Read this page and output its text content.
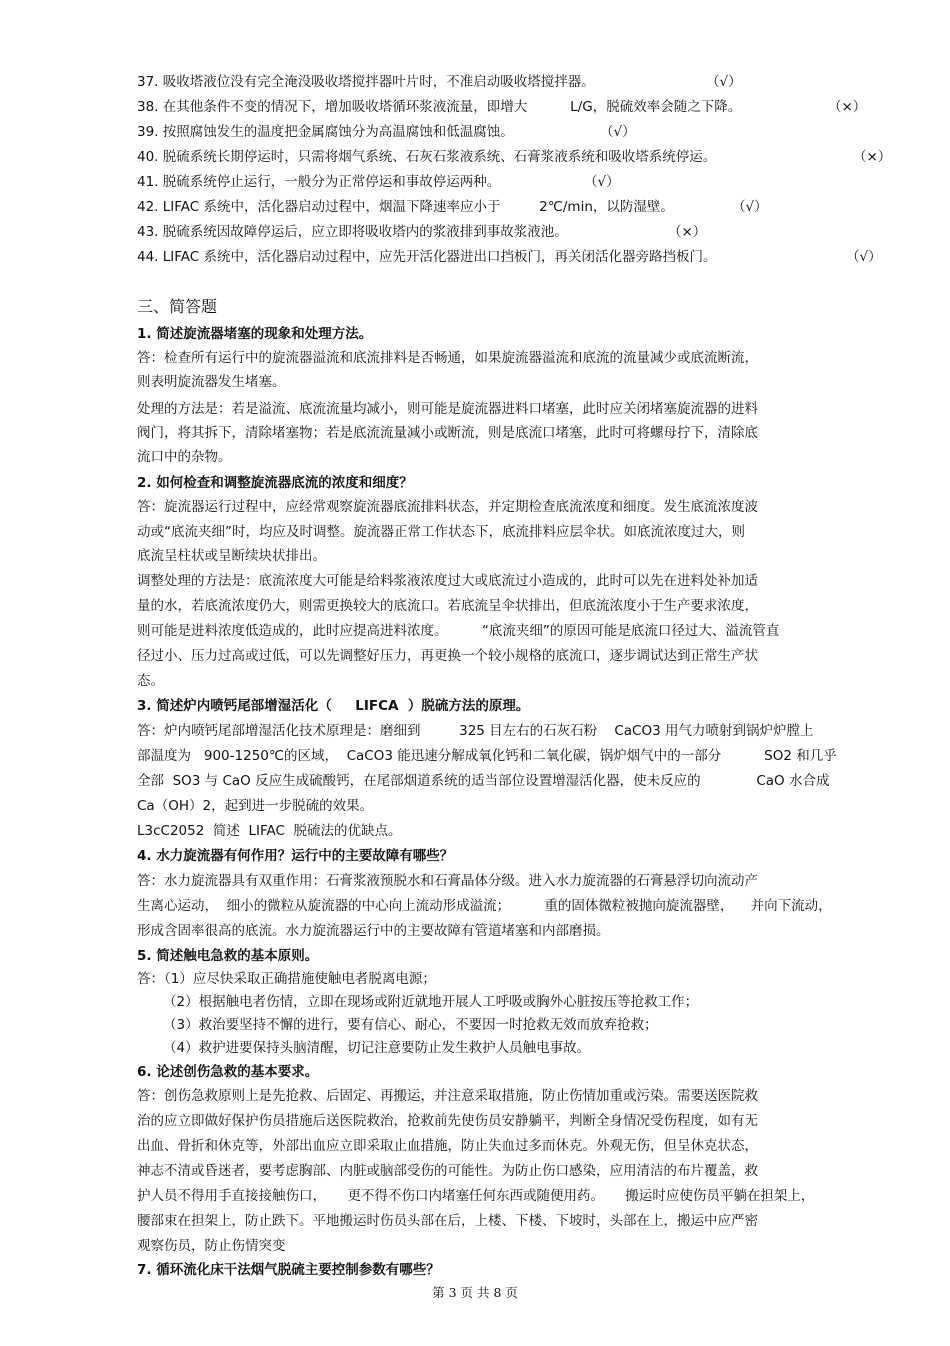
37. 吸收塔液位没有完全淹没吸收塔搅拌器叶片时，不准启动吸收塔搅拌器。	（√）
38. 在其他条件不变的情况下，增加吸收塔循环浆液流量，即增大          L/G，脱硫效率会随之下降。	（×）
39. 按照腐蚀发生的温度把金属腐蚀分为高温腐蚀和低温腐蚀。	（√）
40. 脱硫系统长期停运时，只需将烟气系统、石灰石浆液系统、石膏浆液系统和吸收塔系统停运。	（×）
41. 脱硫系统停止运行，一般分为正常停运和事故停运两种。	（√）
42. LIFAC 系统中，活化器启动过程中，烟温下降速率应小于         2℃/min，以防湿壁。	（√）
43. 脱硫系统因故障停运后，应立即将吸收塔内的浆液排到事故浆液池。	（×）
44. LIFAC 系统中，活化器启动过程中，应先开活化器进出口挡板门，再关闭活化器旁路挡板门。	（√）
三、简答题
1. 简述旋流器堵塞的现象和处理方法。
答：检查所有运行中的旋流器溢流和底流排料是否畅通，如果旋流器溢流和底流的流量减少或底流断流，
则表明旋流器发生堵塞。
处理的方法是：若是溢流、底流流量均减小，则可能是旋流器进料口堵塞，此时应关闭堵塞旋流器的进料
阀门，将其拆下，清除堵塞物；若是底流流量减小或断流，则是底流口堵塞，此时可将螺母拧下，清除底
流口中的杂物。
2. 如何检查和调整旋流器底流的浓度和细度？
答：旋流器运行过程中，应经常观察旋流器底流排料状态，并定期检查底流浓度和细度。发生底流浓度波
动或“底流夹细”时，均应及时调整。旋流器正常工作状态下，底流排料应层伞状。如底流浓度过大，则
底流呈柱状或呈断续块状排出。
调整处理的方法是：底流浓度大可能是给料浆液浓度过大或底流过小造成的，此时可以先在进料处补加适
量的水，若底流浓度仍大，则需更换较大的底流口。若底流呈伞状排出，但底流浓度小于生产要求浓度，
则可能是进料浓度低造成的，此时应提高进料浓度。        “底流夹细”的原因可能是底流口径过大、溢流管直
径过小、压力过高或过低，可以先调整好压力，再更换一个较小规格的底流口，逐步调试达到正常生产状
态。
3. 简述炉内喷钙尾部增湿活化（     LIFCA  ）脱硫方法的原理。
答：炉内喷钙尾部增湿活化技术原理是：磨细到         325 目左右的石灰石粉    CaCO3 用气力喷射到锅炉炉膛上
部温度为   900-1250℃的区域，  CaCO3 能迅速分解成氧化钙和二氧化碳，锅炉烟气中的一部分          SO2 和几乎
全部  SO3 与 CaO 反应生成硫酸钙，在尾部烟道系统的适当部位设置增湿活化器，使未反应的             CaO 水合成
Ca（OH）2，起到进一步脱硫的效果。
L3cC2052  简述  LIFAC  脱硫法的优缺点。
4. 水力旋流器有何作用？运行中的主要故障有哪些？
答：水力旋流器具有双重作用：石膏浆液预脱水和石膏晶体分级。进入水力旋流器的石膏悬浮切向流动产
生离心运动，  细小的微粒从旋流器的中心向上流动形成溢流；        重的固体微粒被抛向旋流器壁，    并向下流动，
形成含固率很高的底流。水力旋流器运行中的主要故障有管道堵塞和内部磨损。
5. 简述触电急救的基本原则。
答：（1）应尽快采取正确措施使触电者脱离电源；
（2）根据触电者伤情，立即在现场或附近就地开展人工呼吸或胸外心脏按压等抢救工作；
（3）救治要坚持不懈的进行，要有信心、耐心，不要因一时抢救无效而放弃抢救；
（4）救护进要保持头脑清醒，切记注意要防止发生救护人员触电事故。
6. 论述创伤急救的基本要求。
答：创伤急救原则上是先抢救、后固定、再搬运，并注意采取措施，防止伤情加重或污染。需要送医院救
治的应立即做好保护伤员措施后送医院救治，抢救前先使伤员安静躺平，判断全身情况受伤程度，如有无
出血、骨折和休克等，外部出血应立即采取止血措施，防止失血过多而休克。外观无伤，但呈休克状态，
神志不清或昏迷者，要考虑胸部、内脏或脑部受伤的可能性。为防止伤口感染，应用清洁的布片覆盖，救
护人员不得用手直接接触伤口，     更不得不伤口内堵塞任何东西或随便用药。     搬运时应使伤员平躺在担架上，
腰部束在担架上，防止跌下。平地搬运时伤员头部在后，上楼、下楼、下坡时，头部在上，搬运中应严密
观察伤员，防止伤情突变
7. 循环流化床干法烟气脱硫主要控制参数有哪些？
第 3 页 共 8 页
